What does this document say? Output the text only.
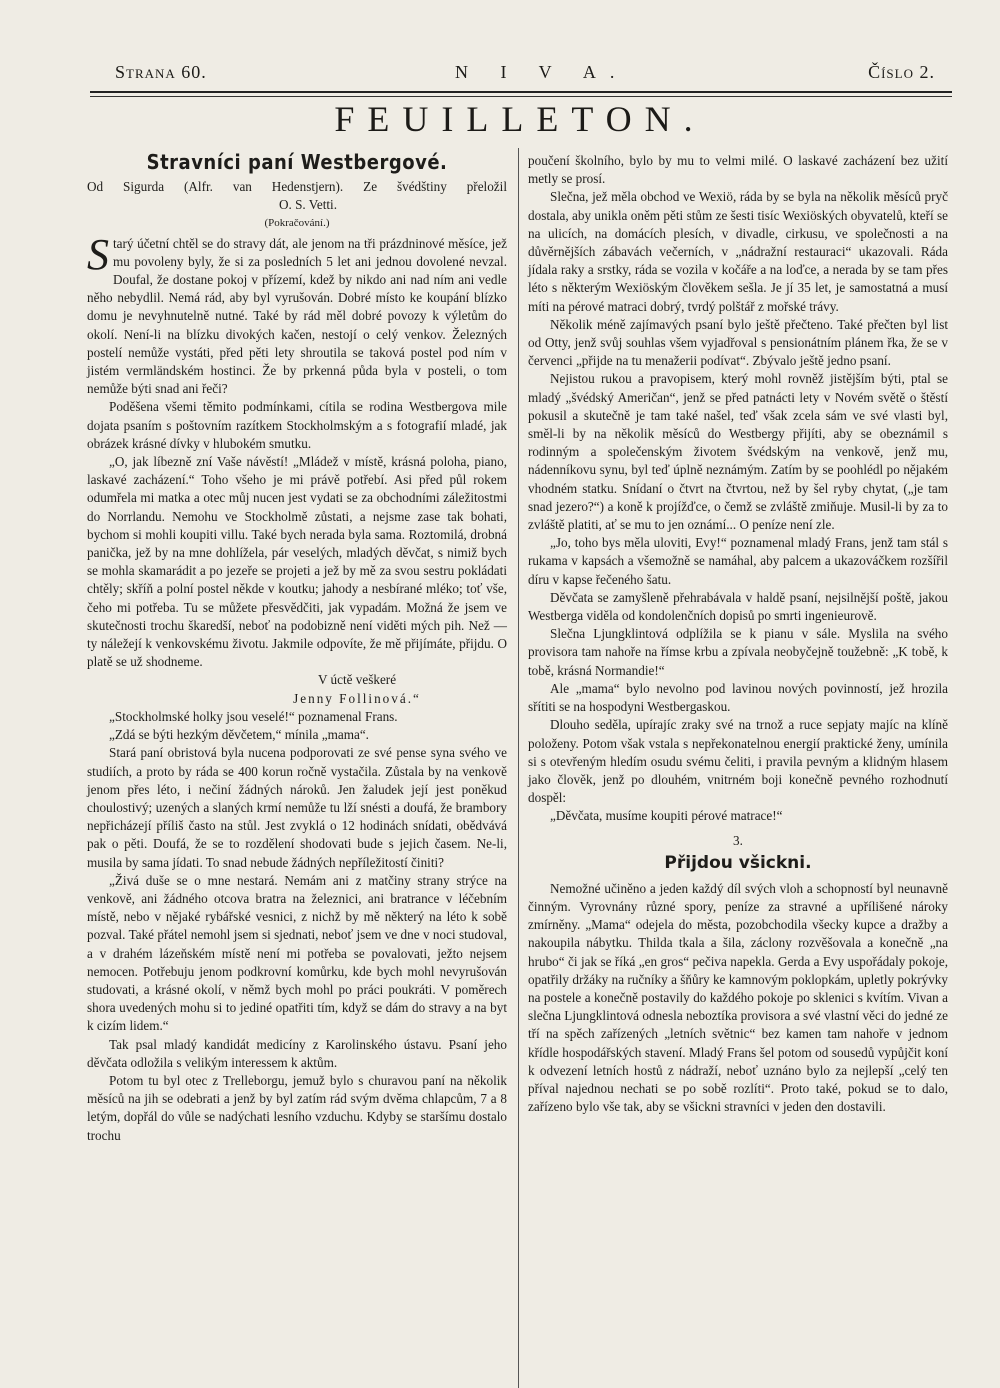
Strana 60.	N I V A.	Číslo 2.
FEUILLETON.
Stravníci paní Westbergové.

Od Sigurda (Alfr. van Hedenstjern). Ze švédštiny přeložil

O. S. Vetti.

(Pokračování.)

Starý účetní chtěl se do stravy dát, ale jenom na tři prázdninové měsíce, jež mu povoleny byly, že si za posledních 5 let ani jednou dovolené nevzal. Doufal, že dostane pokoj v přízemí, kdež by nikdo ani nad ním ani vedle něho nebydlil. Nemá rád, aby byl vyrušován. Dobré místo ke koupání blízko domu je nevyhnutelně nutné. Také by rád měl dobré povozy k výletům do okolí. Není-li na blízku divokých kačen, nestojí o celý venkov. Železných postelí nemůže vystáti, před pěti lety shroutila se taková postel pod ním v jistém vermländském hostinci. Že by prkenná půda byla v posteli, o tom nemůže býti snad ani řeči?

Poděšena všemi těmito podmínkami, cítila se rodina Westbergova mile dojata psaním s poštovním razítkem Stockholmským a s fotografií mladé, jak obrázek krásné dívky v hlubokém smutku.

„O, jak líbezně zní Vaše návěstí! „Mládež v místě, krásná poloha, piano, laskavé zacházení.“ Toho všeho je mi právě potřebí. Asi před půl rokem odumřela mi matka a otec můj nucen jest vydati se za obchodními záležitostmi do Norrlandu. Nemohu ve Stockholmě zůstati, a nejsme zase tak bohati, bychom si mohli koupiti villu. Také bych nerada byla sama. Roztomilá, drobná panička, jež by na mne dohlížela, pár veselých, mladých děvčat, s nimiž bych se mohla skamarádit a po jezeře se projeti a jež by mě za svou sestru pokládati chtěly; skříň a polní postel někde v koutku; jahody a nesbírané mléko; toť vše, čeho mi potřeba. Tu se můžete přesvědčiti, jak vypadám. Možná že jsem ve skutečnosti trochu škaredší, neboť na podobizně není viděti mých pih. Než — ty náležejí k venkovskému životu. Jakmile odpovíte, že mě přijímáte, přijdu. O platě se už shodneme.

V úctě veškeré

Jenny Follinová.“

„Stockholmské holky jsou veselé!“ poznamenal Frans.

„Zdá se býti hezkým děvčetem,“ mínila „mama“.

Stará paní obristová byla nucena podporovati ze své pense syna svého ve studiích, a proto by ráda se 400 korun ročně vystačila. Zůstala by na venkově jenom přes léto, i nečiní žádných nároků. Jen žaludek její jest poněkud choulostivý; uzených a slaných krmí nemůže tu lží snésti a doufá, že brambory nepřicházejí příliš často na stůl. Jest zvyklá o 12 hodinách snídati, obědvává pak o pěti. Doufá, že se to rozdělení shodovati bude s jejich časem. Ne-li, musila by sama jídati. To snad nebude žádných nepříležitostí činiti?

„Živá duše se o mne nestará. Nemám ani z matčiny strany strýce na venkově, ani žádného otcova bratra na železnici, ani bratrance v léčebním místě, nebo v nějaké rybářské vesnici, z nichž by mě některý na léto k sobě pozval. Také přátel nemohl jsem si sjednati, neboť jsem ve dne v noci studoval, a v drahém lázeňském místě není mi potřeba se povalovati, ježto nejsem nemocen. Potřebuju jenom podkrovní komůrku, kde bych mohl nevyrušován studovati, a krásné okolí, v němž bych mohl po práci poukráti. V poměrech shora uvedených mohu si to jediné opatřiti tím, když se dám do stravy a na byt k cizím lidem.“

Tak psal mladý kandidát medicíny z Karolinského ústavu. Psaní jeho děvčata odložila s velikým interessem k aktům.

Potom tu byl otec z Trelleborgu, jemuž bylo s churavou paní na několik měsíců na jih se odebrati a jenž by byl zatím rád svým dvěma chlapcům, 7 a 8 letým, dopřál do vůle se nadýchati lesního vzduchu. Kdyby se staršímu dostalo trochu

poučení školního, bylo by mu to velmi milé. O laskavé zacházení bez užití metly se prosí.

Slečna, jež měla obchod ve Wexiö, ráda by se byla na několik měsíců pryč dostala, aby unikla oněm pěti stům ze šesti tisíc Wexiöských obyvatelů, kteří se na ulicích, na domácích plesích, v divadle, cirkusu, ve společnosti a na důvěrnějších zábavách večerních, v „nádražní restauraci“ ukazovali. Ráda jídala raky a srstky, ráda se vozila v kočáře a na loďce, a nerada by se tam přes léto s některým Wexiöským člověkem sešla. Je jí 35 let, je samostatná a musí míti na pérové matraci dobrý, tvrdý polštář z mořské trávy.

Několik méně zajímavých psaní bylo ještě přečteno. Také přečten byl list od Otty, jenž svůj souhlas všem vyjadřoval s pensionátním plánem řka, že se v červenci „přijde na tu menažerii podívat“. Zbývalo ještě jedno psaní.

Nejistou rukou a pravopisem, který mohl rovněž jistějším býti, ptal se mladý „švédský Američan“, jenž se před patnácti lety v Novém světě o štěstí pokusil a skutečně je tam také našel, teď však zcela sám ve své vlasti byl, směl-li by na několik měsíců do Westbergy přijíti, aby se obeznámil s rodinným a společenským životem švédským na venkově, jenž mu, nádenníkovu synu, byl teď úplně neznámým. Zatím by se poohlédl po nějakém vhodném statku. Snídaní o čtvrt na čtvrtou, než by šel ryby chytat, („je tam snad jezero?“) a koně k projížďce, o čemž se zvláště zmiňuje. Musil-li by za to zvláště platiti, ať se mu to jen oznámí... O peníze není zle.

„Jo, toho bys měla uloviti, Evy!“ poznamenal mladý Frans, jenž tam stál s rukama v kapsách a všemožně se namáhal, aby palcem a ukazováčkem rozšířil díru v kapse řečeného šatu.

Děvčata se zamyšleně přehrabávala v haldě psaní, nejsilnější poště, jakou Westberga viděla od kondolenčních dopisů po smrti ingenieurově.

Slečna Ljungklintová odplížila se k pianu v sále. Myslila na svého provisora tam nahoře na římse krbu a zpívala neobyčejně toužebně: „K tobě, k tobě, krásná Normandie!“

Ale „mama“ bylo nevolno pod lavinou nových povinností, jež hrozila sřítiti se na hospodyni Westbergaskou.

Dlouho seděla, upírajíc zraky své na trnož a ruce sepjaty majíc na klíně položeny. Potom však vstala s nepřekonatelnou energií praktické ženy, umínila si s otevřeným hledím osudu svému čeliti, i pravila pevným a klidným hlasem jako člověk, jenž po dlouhém, vnitrném boji konečně pevného rozhodnutí dospěl:

„Děvčata, musíme koupiti pérové matrace!“

3.
Přijdou všickni.

Nemožné učiněno a jeden každý díl svých vloh a schopností byl neunavně činným. Vyrovnány různé spory, peníze za stravné a upřílišené nároky zmírněny. „Mama“ odejela do města, pozobchodila všecky kupce a dražby a nakoupila nábytku. Thilda tkala a šila, záclony rozvěšovala a konečně „na hrubo“ či jak se říká „en gros“ pečiva napekla. Gerda a Evy uspořádaly pokoje, opatřily držáky na ručníky a šňůry ke kamnovým poklopkám, upletly pokrývky na postele a konečně postavily do každého pokoje po sklenici s kvítím. Vivan a slečna Ljungklintová odnesla neboztíka provisora a své vlastní věci do jedné ze tří na spěch zařízených „letních světnic“ bez kamen tam nahoře v jednom křídle hospodářských stavení. Mladý Frans šel potom od sousedů vypůjčit koní k odvezení letních hostů z nádraží, neboť uznáno bylo za nejlepší „celý ten příval najednou nechati se po sobě rozlíti“. Proto také, pokud se to dalo, zařízeno bylo vše tak, aby se všickni stravníci v jeden den dostavili.
